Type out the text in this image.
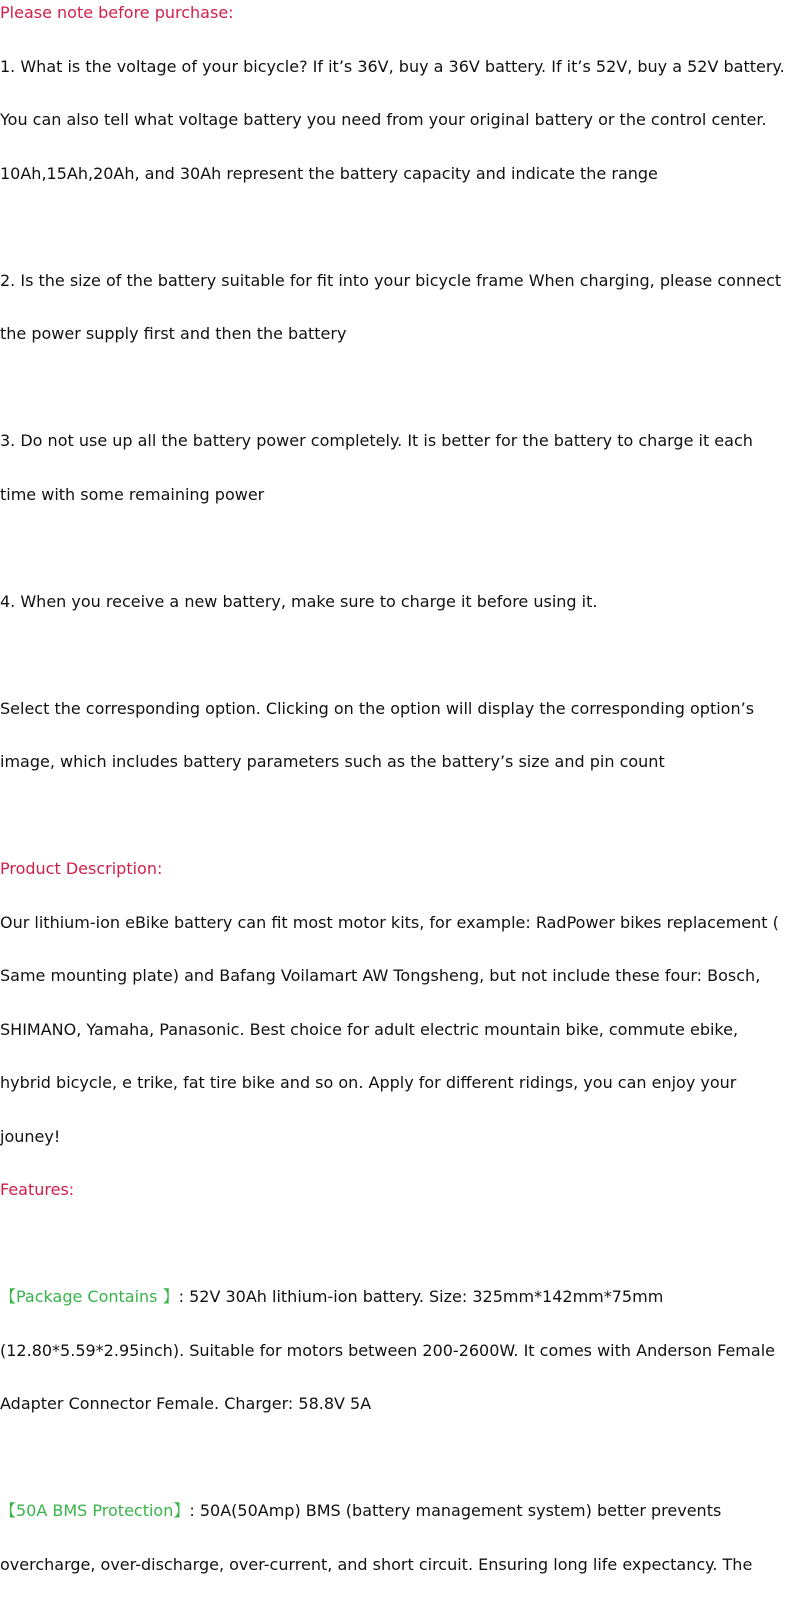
Please note before purchase:

1. What is the voltage of your bicycle? If it’s 36V, buy a 36V battery. If it’s 52V, buy a 52V battery.

You can also tell what voltage battery you need from your original battery or the control center.

10Ah,15Ah,20Ah, and 30Ah represent the battery capacity and indicate the range

2. Is the size of the battery suitable for fit into your bicycle frame When charging, please connect

the power supply first and then the battery

3. Do not use up all the battery power completely. It is better for the battery to charge it each

time with some remaining power

4. When you receive a new battery, make sure to charge it before using it.

Select the corresponding option. Clicking on the option will display the corresponding option’s

image, which includes battery parameters such as the battery’s size and pin count

Product Description:

Our lithium-ion eBike battery can fit most motor kits, for example: RadPower bikes replacement (

Same mounting plate) and Bafang Voilamart AW Tongsheng, but not include these four: Bosch,

SHIMANO, Yamaha, Panasonic. Best choice for adult electric mountain bike, commute ebike,

hybrid bicycle, e trike, fat tire bike and so on. Apply for different ridings, you can enjoy your

jouney!

Features:

【Package Contains 】: 52V 30Ah lithium-ion battery. Size: 325mm*142mm*75mm

(12.80*5.59*2.95inch). Suitable for motors between 200-2600W. It comes with Anderson Female

Adapter Connector Female. Charger: 58.8V 5A

【50A BMS Protection】: 50A(50Amp) BMS (battery management system) better prevents

overcharge, over-discharge, over-current, and short circuit. Ensuring long life expectancy. The
